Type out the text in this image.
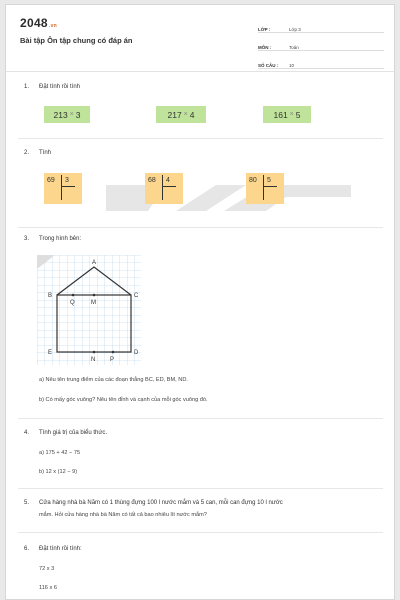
2048.vn
Bài tập Ôn tập chung có đáp án
LỚP :	Lớp 3
MÔN :	Toán
SỐ CÂU :	10
1. Đặt tính rồi tính
213 × 3	217 × 4	161 × 5
2. Tính
69 3	68 4	80 5
3. Trong hình bên:
A
B	C
Q	M
E	D
N P
a) Nêu tên trung điểm của các đoạn thẳng BC, ED, BM, ND.
b) Có mấy góc vuông? Nêu tên đỉnh và cạnh của mỗi góc vuông đó.
4. Tính giá trị của biểu thức.
a) 175 + 42 − 75
b) 12 x (12 − 9)
5. Cửa hàng nhà bà Năm có 1 thùng đựng 100 l nước mắm và 5 can, mỗi can đựng 10 l nước
mắm. Hỏi cửa hàng nhà bà Năm có tất cả bao nhiêu lít nước mắm?
6. Đặt tính rồi tính:
72 x 3
116 x 6
